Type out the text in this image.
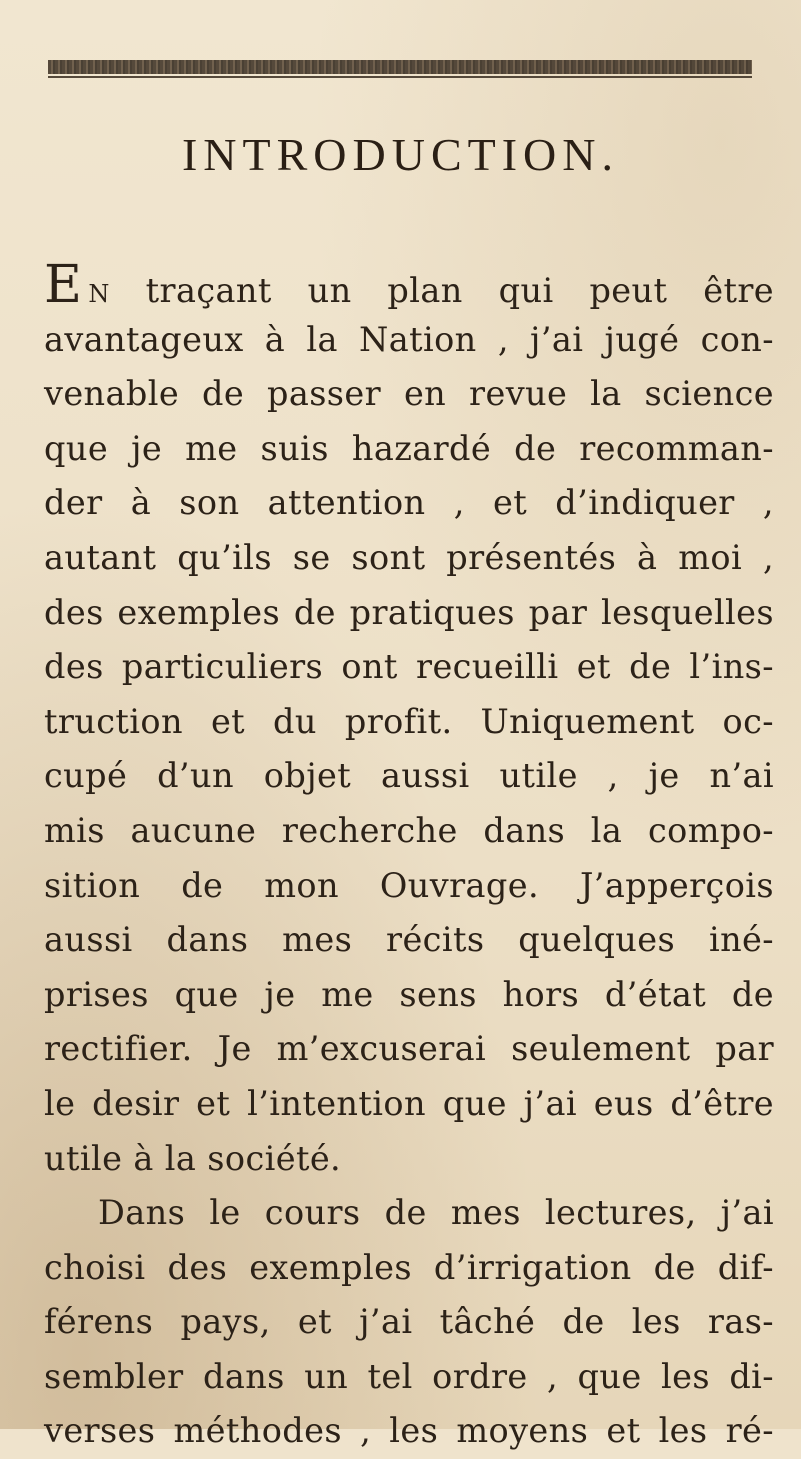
INTRODUCTION.
E N traçant un plan qui peut être
avantageux à la Nation , j’ai jugé con-
venable de passer en revue la science
que je me suis hazardé de recomman-
der à son attention , et d’indiquer ,
autant qu’ils se sont présentés à moi ,
des exemples de pratiques par lesquelles
des particuliers ont recueilli et de l’ins-
truction et du profit. Uniquement oc-
cupé d’un objet aussi utile , je n’ai
mis aucune recherche dans la compo-
sition de mon Ouvrage. J’apperçois
aussi dans mes récits quelques iné-
prises que je me sens hors d’état de
rectifier. Je m’excuserai seulement par
le desir et l’intention que j’ai eus d’être
utile à la société.
Dans le cours de mes lectures, j’ai
choisi des exemples d’irrigation de dif-
férens pays, et j’ai tâché de les ras-
sembler dans un tel ordre , que les di-
verses méthodes , les moyens et les ré-
